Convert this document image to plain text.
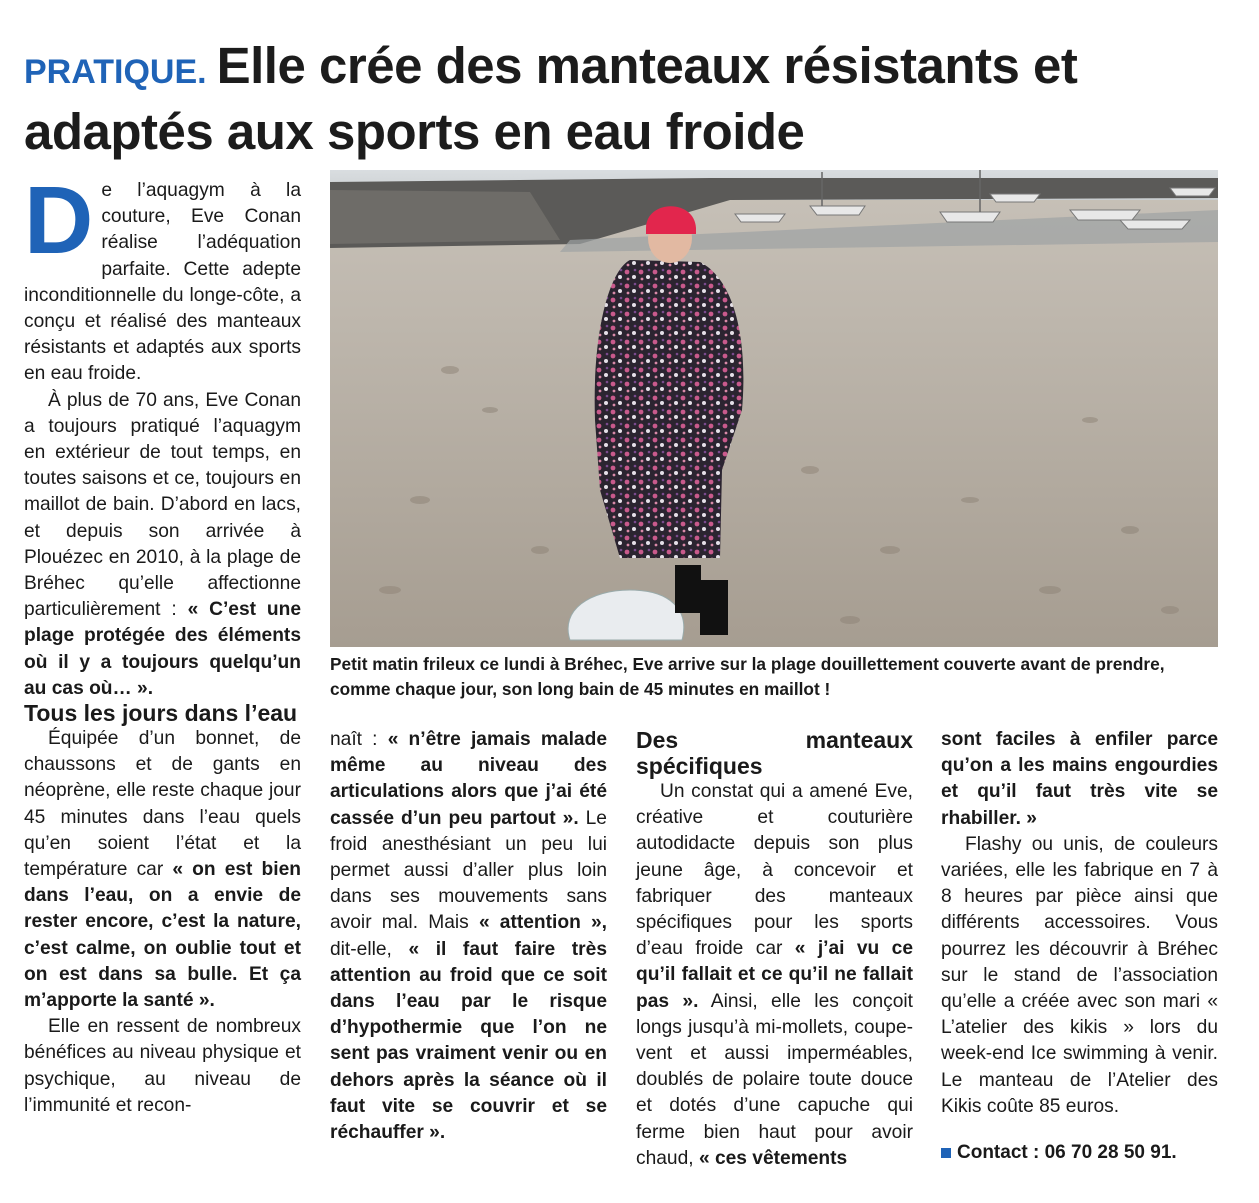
PRATIQUE. Elle crée des manteaux résistants et adaptés aux sports en eau froide
Petit matin frileux ce lundi à Bréhec, Eve arrive sur la plage douillettement couverte avant de prendre, comme chaque jour, son long bain de 45 minutes en maillot !

De l’aquagym à la couture, Eve Conan réalise l’adéquation parfaite. Cette adepte inconditionnelle du longe-côte, a conçu et réalisé des manteaux résistants et adaptés aux sports en eau froide.

À plus de 70 ans, Eve Conan a toujours pratiqué l’aquagym en extérieur de tout temps, en toutes saisons et ce, toujours en maillot de bain. D’abord en lacs, et depuis son arrivée à Plouézec en 2010, à la plage de Bréhec qu’elle affectionne particulièrement : « C’est une plage protégée des éléments où il y a toujours quelqu’un au cas où… ».

Tous les jours dans l’eau

Équipée d’un bonnet, de chaussons et de gants en néoprène, elle reste chaque jour 45 minutes dans l’eau quels qu’en soient l’état et la température car « on est bien dans l’eau, on a envie de rester encore, c’est la nature, c’est calme, on oublie tout et on est dans sa bulle. Et ça m’apporte la santé ».

Elle en ressent de nombreux bénéfices au niveau physique et psychique, au niveau de l’immunité et recon-

naît : « n’être jamais malade même au niveau des articulations alors que j’ai été cassée d’un peu partout ». Le froid anesthésiant un peu lui permet aussi d’aller plus loin dans ses mouvements sans avoir mal. Mais « attention », dit-elle, « il faut faire très attention au froid que ce soit dans l’eau par le risque d’hypothermie que l’on ne sent pas vraiment venir ou en dehors après la séance où il faut vite se couvrir et se réchauffer ».

Des manteaux spécifiques

Un constat qui a amené Eve, créative et couturière autodidacte depuis son plus jeune âge, à concevoir et fabriquer des manteaux spécifiques pour les sports d’eau froide car « j’ai vu ce qu’il fallait et ce qu’il ne fallait pas ». Ainsi, elle les conçoit longs jusqu’à mi-mollets, coupe-vent et aussi imperméables, doublés de polaire toute douce et dotés d’une capuche qui ferme bien haut pour avoir chaud, « ces vêtements

sont faciles à enfiler parce qu’on a les mains engourdies et qu’il faut très vite se rhabiller. »

Flashy ou unis, de couleurs variées, elle les fabrique en 7 à 8 heures par pièce ainsi que différents accessoires. Vous pourrez les découvrir à Bréhec sur le stand de l’association qu’elle a créée avec son mari « L’atelier des kikis » lors du week-end Ice swimming à venir. Le manteau de l’Atelier des Kikis coûte 85 euros.

Contact : 06 70 28 50 91.
